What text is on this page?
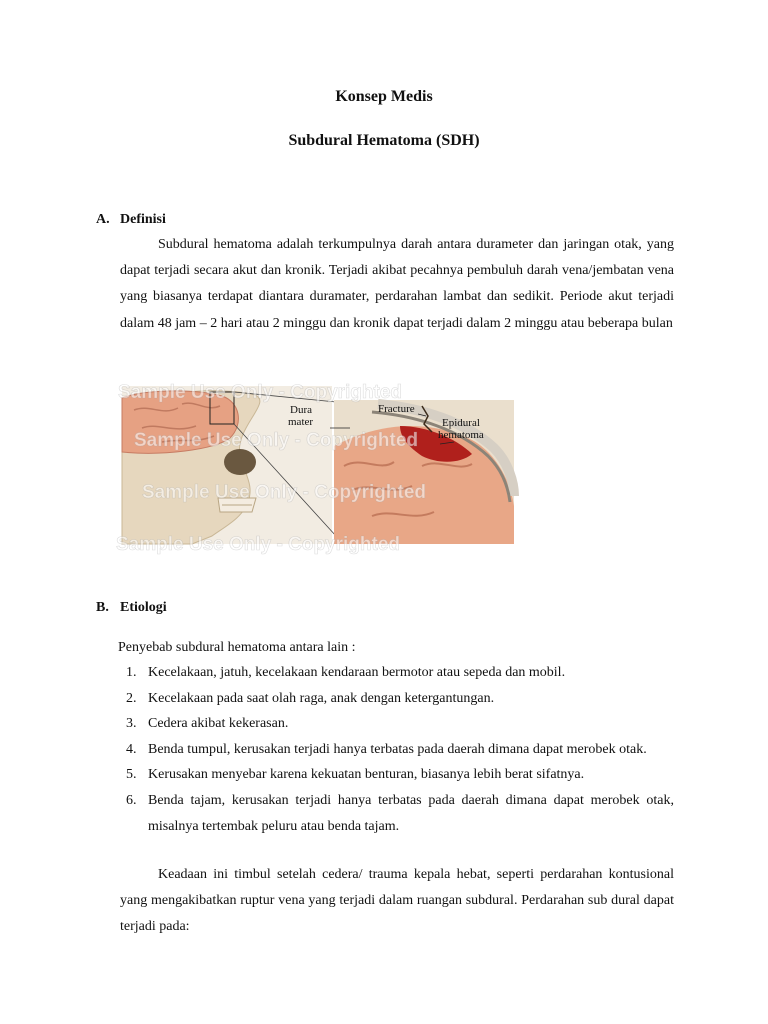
Konsep Medis
Subdural Hematoma (SDH)
A. Definisi

Subdural hematoma adalah terkumpulnya darah antara durameter dan jaringan otak, yang dapat terjadi secara akut dan kronik. Terjadi akibat pecahnya pembuluh darah vena/jembatan vena yang biasanya terdapat diantara duramater, perdarahan lambat dan sedikit. Periode akut terjadi dalam 48 jam – 2 hari atau 2 minggu dan kronik dapat terjadi dalam 2 minggu atau beberapa bulan

Dura
mater
Fracture
Epidural
hematoma
Sample Use Only - Copyrighted
Sample Use Only - Copyrighted
Sample Use Only - Copyrighted
Sample Use Only - Copyrighted
B. Etiologi

Penyebab subdural hematoma antara lain :

1. Kecelakaan, jatuh, kecelakaan kendaraan bermotor atau sepeda dan mobil.
2. Kecelakaan pada saat olah raga, anak dengan ketergantungan.
3. Cedera akibat kekerasan.
4. Benda tumpul, kerusakan terjadi hanya terbatas pada daerah dimana dapat merobek otak.
5. Kerusakan menyebar karena kekuatan benturan, biasanya lebih berat sifatnya.
6. Benda tajam, kerusakan terjadi hanya terbatas pada daerah dimana dapat merobek otak, misalnya tertembak peluru atau benda tajam.

Keadaan ini timbul setelah cedera/ trauma kepala hebat, seperti perdarahan kontusional yang mengakibatkan ruptur vena yang terjadi dalam ruangan subdural. Perdarahan sub dural dapat terjadi pada:
